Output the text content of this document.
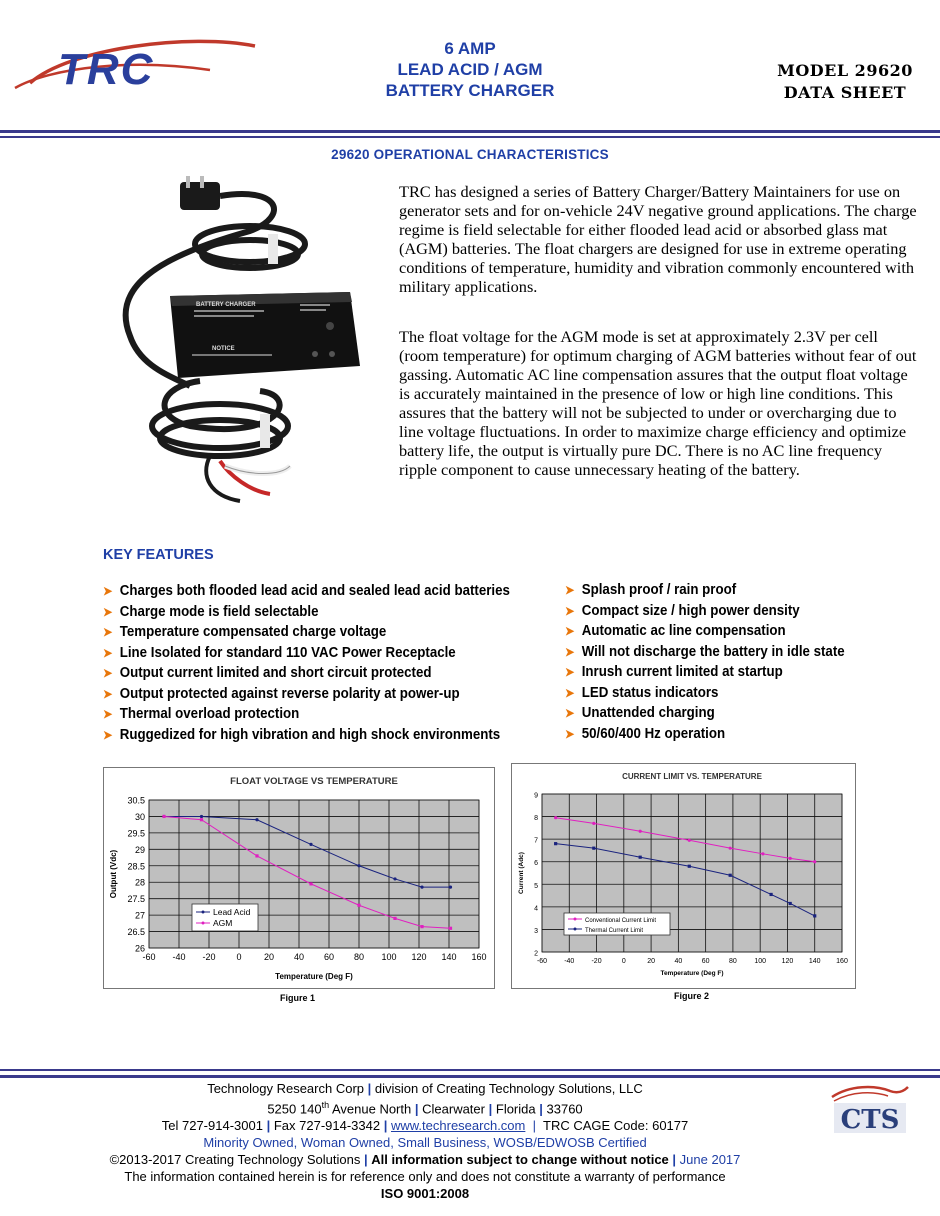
TRC	6 AMP
LEAD ACID / AGM
BATTERY CHARGER
MODEL 29620
DATA SHEET
29620 OPERATIONAL CHARACTERISTICS
BATTERY CHARGER
NOTICE

TRC has designed a series of Battery Charger/Battery Maintainers for use on generator sets and for on-vehicle 24V negative ground applications. The charge regime is field selectable for either flooded lead acid or absorbed glass mat (AGM) batteries. The float chargers are designed for use in extreme operating conditions of temperature, humidity and vibration commonly encountered with military applications.

The float voltage for the AGM mode is set at approximately 2.3V per cell (room temperature) for optimum charging of AGM batteries without fear of out gassing. Automatic AC line compensation assures that the output float voltage is accurately maintained in the presence of low or high line conditions. This assures that the battery will not be subjected to under or overcharging due to line voltage fluctuations. In order to maximize charge efficiency and optimize battery life, the output is virtually pure DC. There is no AC line frequency ripple component to cause unnecessary heating of the battery.

KEY FEATURES
➤ Charges both flooded lead acid and sealed lead acid batteries
➤ Charge mode is field selectable
➤ Temperature compensated charge voltage
➤ Line Isolated for standard 110 VAC Power Receptacle
➤ Output current limited and short circuit protected
➤ Output protected against reverse polarity at power-up
➤ Thermal overload protection
➤ Ruggedized for high vibration and high shock environments
➤ Splash proof / rain proof
➤ Compact size / high power density
➤ Automatic ac line compensation
➤ Will not discharge the battery in idle state
➤ Inrush current limited at startup
➤ LED status indicators
➤ Unattended charging
➤ 50/60/400 Hz operation
FLOAT VOLTAGE VS TEMPERATURE
-60 -40 -20 0 20 40 60 80 100 120 140 160
26
26.5
27
27.5
28
28.5
29
29.5
30
30.5
Temperature (Deg F)
Output (Vdc)
Lead Acid
AGM
Figure 1
CURRENT LIMIT VS. TEMPERATURE
-60 -40 -20	0	20	40	60	80	100 120 140 160
2
3
4
5
6
7
8
9
Temperature (Deg F)
Current (Adc)
Conventional Current Limit
Thermal Current Limit
Figure 2
Technology Research Corp | division of Creating Technology Solutions, LLC
5250 140th Avenue North | Clearwater | Florida | 33760
Tel 727-914-3001 | Fax 727-914-3342 | www.techresearch.com | TRC CAGE Code: 60177
Minority Owned, Woman Owned, Small Business, WOSB/EDWOSB Certified
©2013-2017 Creating Technology Solutions | All information subject to change without notice | June 2017
The information contained herein is for reference only and does not constitute a warranty of performance
ISO 9001:2008
CTS
